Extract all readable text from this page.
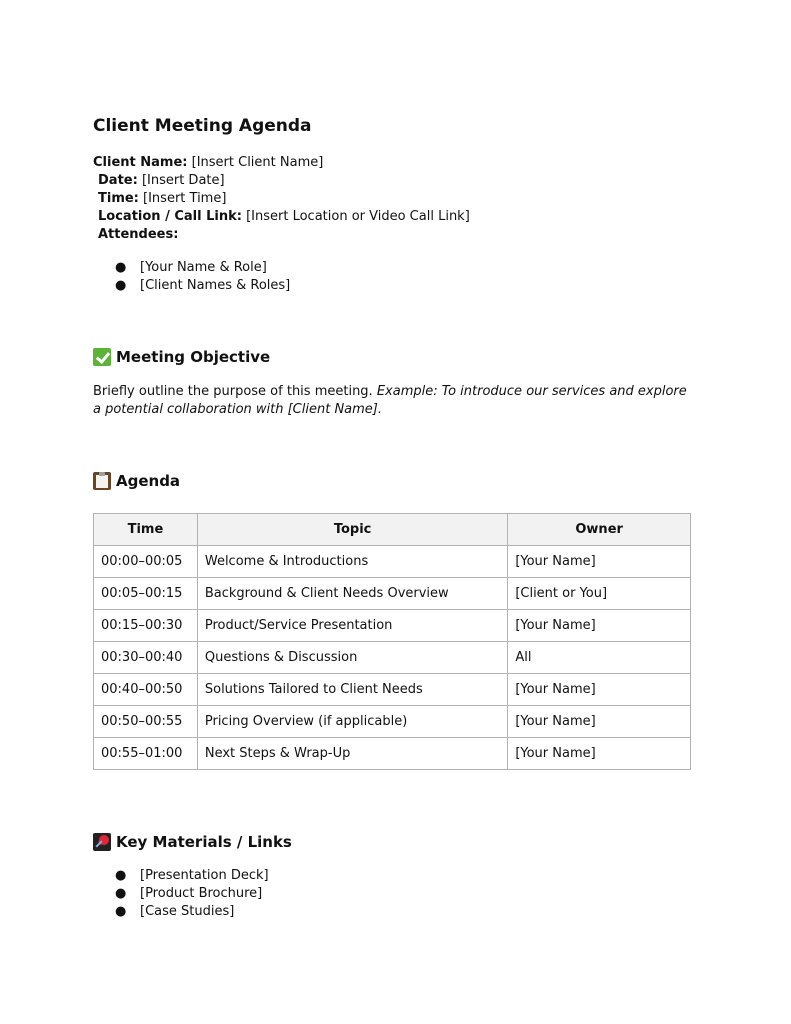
Client Meeting Agenda
Client Name: [Insert Client Name]
Date: [Insert Date]
Time: [Insert Time]
Location / Call Link: [Insert Location or Video Call Link]
Attendees:
● [Your Name & Role]
● [Client Names & Roles]
Meeting Objective
Briefly outline the purpose of this meeting. Example: To introduce our services and explore a potential collaboration with [Client Name].
Agenda
Time	Topic	Owner
00:00–00:05	Welcome & Introductions	[Your Name]
00:05–00:15	Background & Client Needs Overview	[Client or You]
00:15–00:30	Product/Service Presentation	[Your Name]
00:30–00:40	Questions & Discussion	All
00:40–00:50	Solutions Tailored to Client Needs	[Your Name]
00:50–00:55	Pricing Overview (if applicable)	[Your Name]
00:55–01:00	Next Steps & Wrap-Up	[Your Name]
Key Materials / Links
● [Presentation Deck]
● [Product Brochure]
● [Case Studies]
